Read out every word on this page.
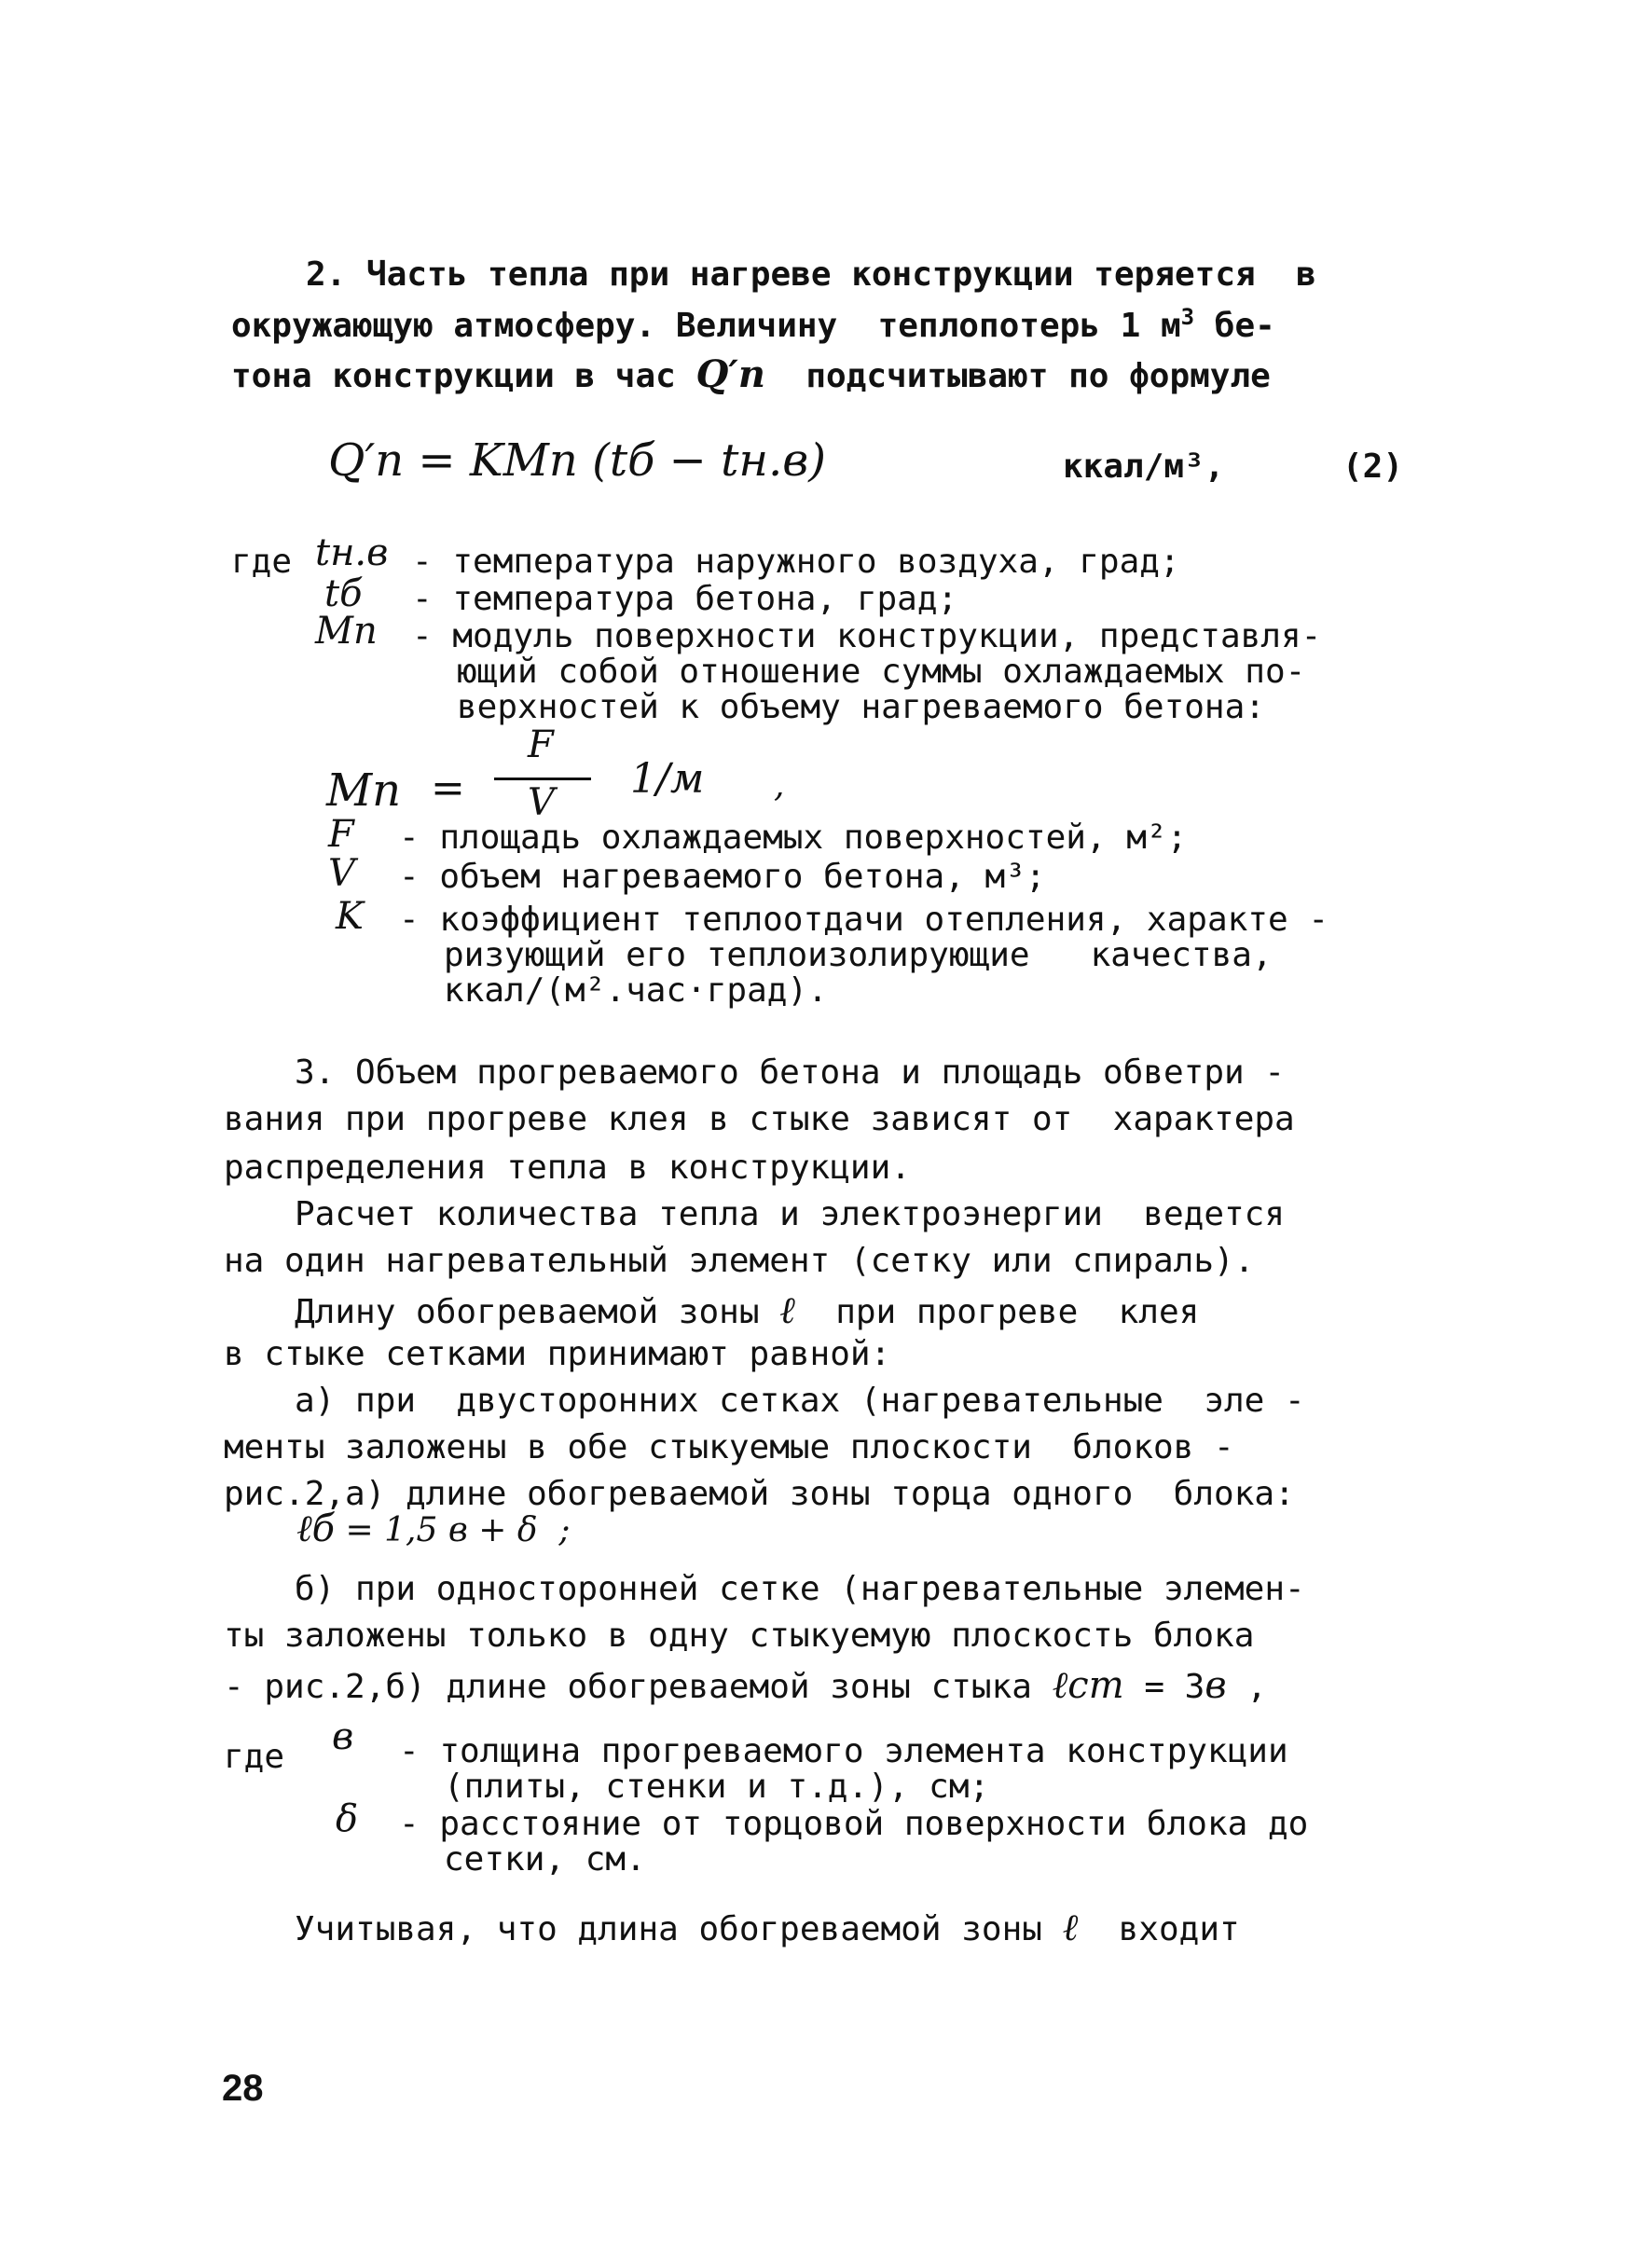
2. Часть тепла при нагреве конструкции теряется  в
окружающую атмосферу. Величину  теплопотерь 1 $м^3$ бе-
тона конструкции в час Q′п  подсчитывают по формуле
Q′п = KMп (tб − tн.в)	ккал/м³,	(2)
где tн.в - температура наружного воздуха, град;
tб - температура бетона, град;
Mп - модуль поверхности конструкции, представля-
ющий собой отношение суммы охлаждаемых по-
верхностей к объему нагреваемого бетона:
Mп =
F
V 1/м ,
F - площадь охлаждаемых поверхностей, м²;
V - объем нагреваемого бетона, м³;
K - коэффициент теплоотдачи отепления, характе -
ризующий его теплоизолирующие   качества,
ккал/(м².час·град).
3. Объем прогреваемого бетона и площадь обветри -
вания при прогреве клея в стыке зависят от  характера
распределения тепла в конструкции.
Расчет количества тепла и электроэнергии  ведется
на один нагревательный элемент (сетку или спираль).
Длину обогреваемой зоны ℓ  при прогреве  клея
в стыке сетками принимают равной:
а) при  двусторонних сетках (нагревательные  эле -
менты заложены в обе стыкуемые плоскости  блоков -
рис.2,а) длине обогреваемой зоны торца одного  блока:
ℓб = 1,5 в + δ  ;
б) при односторонней сетке (нагревательные элемен-
ты заложены только в одну стыкуемую плоскость блока
- рис.2,б) длине обогреваемой зоны стыка ℓст = 3в ,
где в - толщина прогреваемого элемента конструкции
(плиты, стенки и т.д.), см;
δ - расстояние от торцовой поверхности блока до
сетки, см.
Учитывая, что длина обогреваемой зоны ℓ  входит
28
